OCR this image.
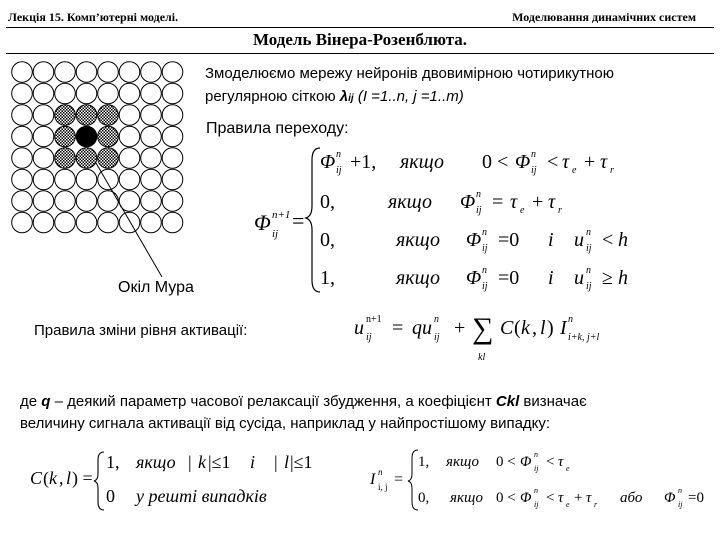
Лекція 15. Комп’ютерні моделі.	Моделювання динамічних систем
Модель Вінера-Розенблюта.
Окіл Мура
Змоделюємо мережу нейронів двовимірною чотирикутною
регулярною сіткою λij (I =1..n, j =1..m)
Правила переходу:
Φ n+1
ij
=
Φ n
ij +1, якщо 0 < Φ n
ij < τ e + τ r
0,	якщо Φ n
ij = τ e + τ r
0,	якщо Φ n
ij =0 і u n
ij < h
1,	якщо Φ n
ij =0 і u n
ij ≥ h
Правила зміни рівня активації:	u n+1
ij = qu n
ij + ∑
kl
C ( k , l ) I n
i+k, j+l
де q – деякий параметр часової релаксації збудження, а коефіцієнт Ckl визначає
величину сигнала активації від сусіда, наприклад у найпростішому випадку:
C ( k , l ) =
1, якщо | k |≤1 і | l |≤1
0 у решті випадків
I n
i, j =
1, якщо 0 < Φ n
ij < τ e
0, якщо 0 < Φ n
ij < τ e + τ r або Φ n
ij =0
